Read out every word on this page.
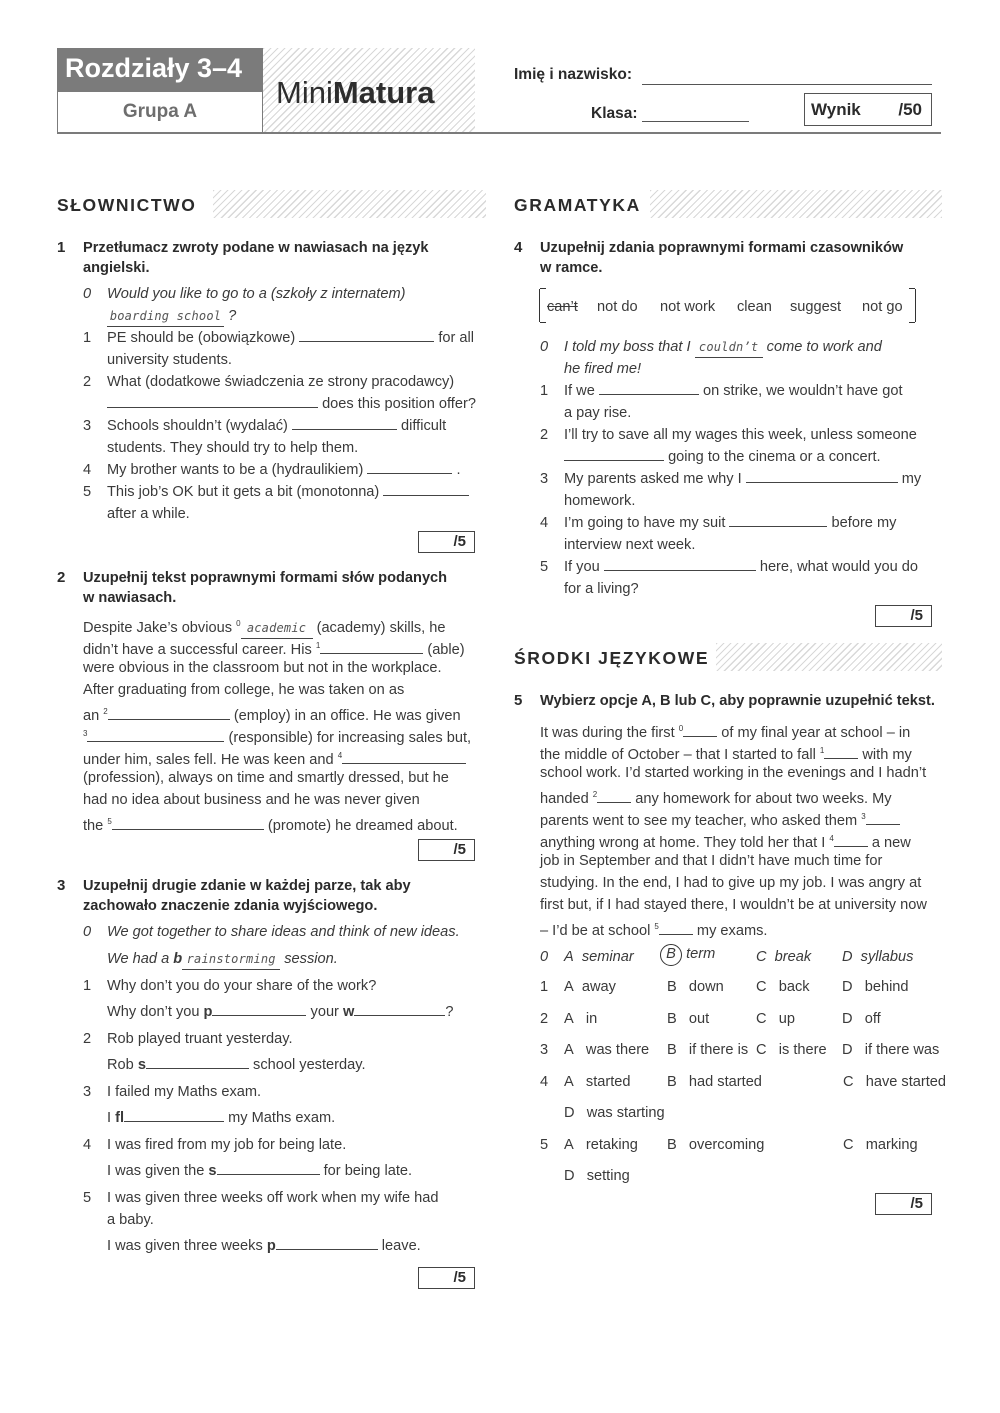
Rozdziały 3–4
Grupa A
MiniMatura
Imię i nazwisko:
Klasa:	Wynik /50
SŁOWNICTWO	GRAMATYKA
ŚRODKI JĘZYKOWE
1 Przetłumacz zwroty podane w nawiasach na język
angielski.
0 Would you like to go to a (szkoły z internatem)
boarding school ?
1 PE should be (obowiązkowe)	for all
university students.
2 What (dodatkowe świadczenia ze strony pracodawcy)
does this position offer?
3 Schools shouldn’t (wydalać)	difficult
students. They should try to help them.
4 My brother wants to be a (hydraulikiem)	.
5 This job’s OK but it gets a bit (monotonna)
after a while.
/5
2 Uzupełnij tekst poprawnymi formami słów podanych
w nawiasach.
Despite Jake’s obvious $^0$ academic (academy) skills, he
didn’t have a successful career. His $^1$	(able)
were obvious in the classroom but not in the workplace.
After graduating from college, he was taken on as
an $^2$	(employ) in an office. He was given
$^3$	(responsible) for increasing sales but,
under him, sales fell. He was keen and $^4$
(profession), always on time and smartly dressed, but he
had no idea about business and he was never given
the $^5$	(promote) he dreamed about.
/5
3 Uzupełnij drugie zdanie w każdej parze, tak aby
zachowało znaczenie zdania wyjściowego.
0 We got together to share ideas and think of new ideas.
We had a b rainstorming session.
1 Why don’t you do your share of the work?
Why don’t you p	your w	?
2 Rob played truant yesterday.
Rob s	school yesterday.
3 I failed my Maths exam.
I fl	my Maths exam.
4 I was fired from my job for being late.
I was given the s	for being late.
5 I was given three weeks off work when my wife had
a baby.
I was given three weeks p	leave.
/5
4 Uzupełnij zdania poprawnymi formami czasowników
w ramce.
can’t not do not work clean suggest not go
0 I told my boss that I couldn’t come to work and
he fired me!
1 If we	on strike, we wouldn’t have got
a pay rise.
2 I’ll try to save all my wages this week, unless someone
going to the cinema or a concert.
3 My parents asked me why I	my
homework.
4 I’m going to have my suit	before my
interview next week.
5 If you	here, what would you do
for a living?
/5
5 Wybierz opcje A, B lub C, aby poprawnie uzupełnić tekst.
It was during the first $^0$	of my final year at school – in
the middle of October – that I started to fall $^1$	with my
school work. I’d started working in the evenings and I hadn’t
handed $^2$	any homework for about two weeks. My
parents went to see my teacher, who asked them $^3$
anything wrong at home. They told her that I $^4$	a new
job in September and that I didn’t have much time for
studying. In the end, I had to give up my job. I was angry at
first but, if I had stayed there, I wouldn’t be at university now
– I’d be at school $^5$	my exams.
0 A seminar	B term	C break D syllabus
1 A away	B down C back D behind
2 A in	B out	C up	D off
3 A was there B if there is C is there D if there was
4 A started B had started	C have started
D was starting
5 A retaking B overcoming	C marking
D setting
/5
